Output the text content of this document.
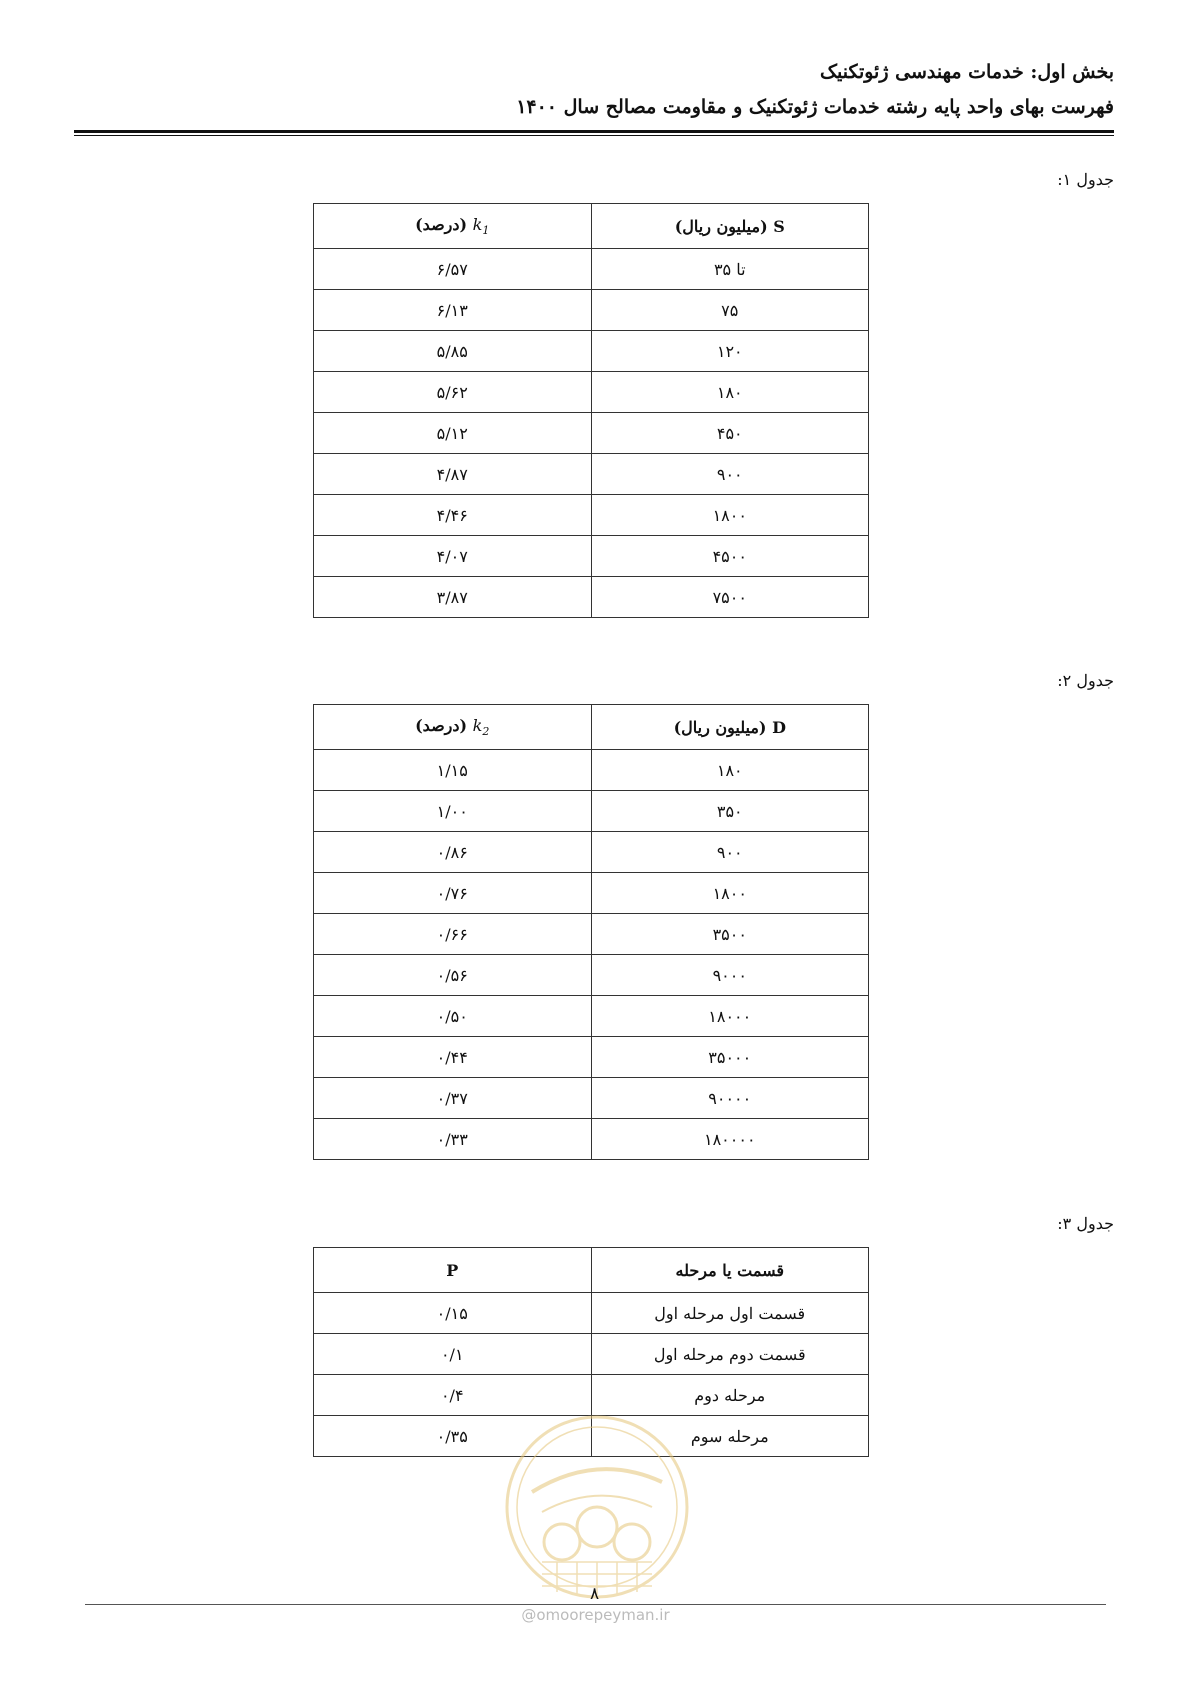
بخش اول: خدمات مهندسی ژئوتکنیک
فهرست بهای واحد پایه رشته خدمات ژئوتکنیک و مقاومت مصالح سال ۱۴۰۰
جدول ۱:
S (میلیون ریال)	$k_1$ (درصد)
تا ۳۵	۶/۵۷
۷۵	۶/۱۳
۱۲۰	۵/۸۵
۱۸۰	۵/۶۲
۴۵۰	۵/۱۲
۹۰۰	۴/۸۷
۱۸۰۰	۴/۴۶
۴۵۰۰	۴/۰۷
۷۵۰۰	۳/۸۷
جدول ۲:
D (میلیون ریال)	$k_2$ (درصد)
۱۸۰	۱/۱۵
۳۵۰	۱/۰۰
۹۰۰	۰/۸۶
۱۸۰۰	۰/۷۶
۳۵۰۰	۰/۶۶
۹۰۰۰	۰/۵۶
۱۸۰۰۰	۰/۵۰
۳۵۰۰۰	۰/۴۴
۹۰۰۰۰	۰/۳۷
۱۸۰۰۰۰	۰/۳۳
جدول ۳:
قسمت یا مرحله	P
قسمت اول مرحله اول	۰/۱۵
قسمت دوم مرحله اول	۰/۱
مرحله دوم	۰/۴
مرحله سوم	۰/۳۵
۸
@omoorepeyman.ir
